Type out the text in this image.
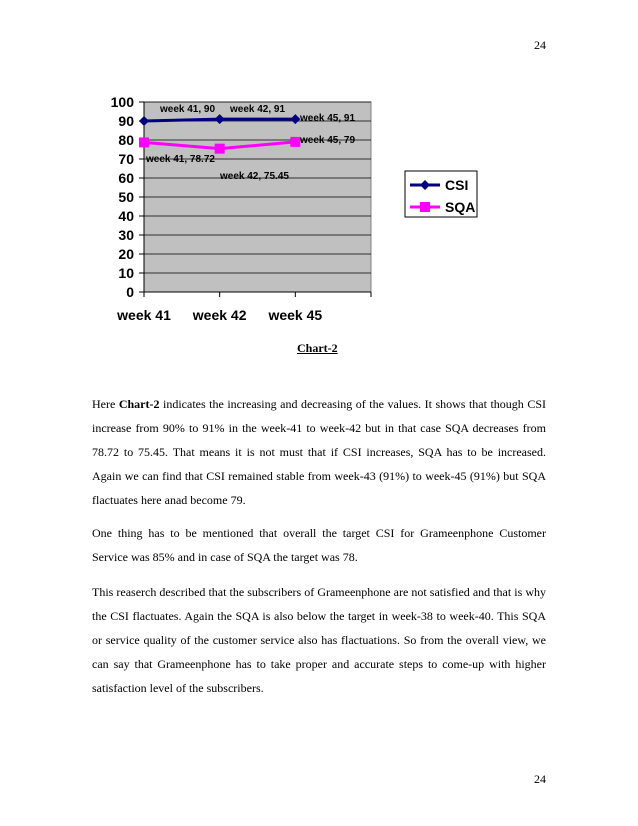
24
0
10
20
30
40
50
60
70
80
90
100
week 41 week 42 week 45
week 41, 90 week 42, 91
week 45, 91
week 41, 78.72
week 42, 75.45
week 45, 79
CSI
SQA
Chart-2
Here Chart-2 indicates the increasing and decreasing of the values. It shows that though CSI increase from 90% to 91% in the week-41 to week-42 but in that case SQA decreases from 78.72 to 75.45. That means it is not must that if CSI increases, SQA has to be increased. Again we can find that CSI remained stable from week-43 (91%) to week-45 (91%) but SQA flactuates here anad become 79.
One thing has to be mentioned that overall the target CSI for Grameenphone Customer Service was 85% and in case of SQA the target was 78.
This reaserch described that the subscribers of Grameenphone are not satisfied and that is why the CSI flactuates. Again the SQA is also below the target in week-38 to week-40. This SQA or service quality of the customer service also has flactuations. So from the overall view, we can say that Grameenphone has to take proper and accurate steps to come-up with higher satisfaction level of the subscribers.
24
